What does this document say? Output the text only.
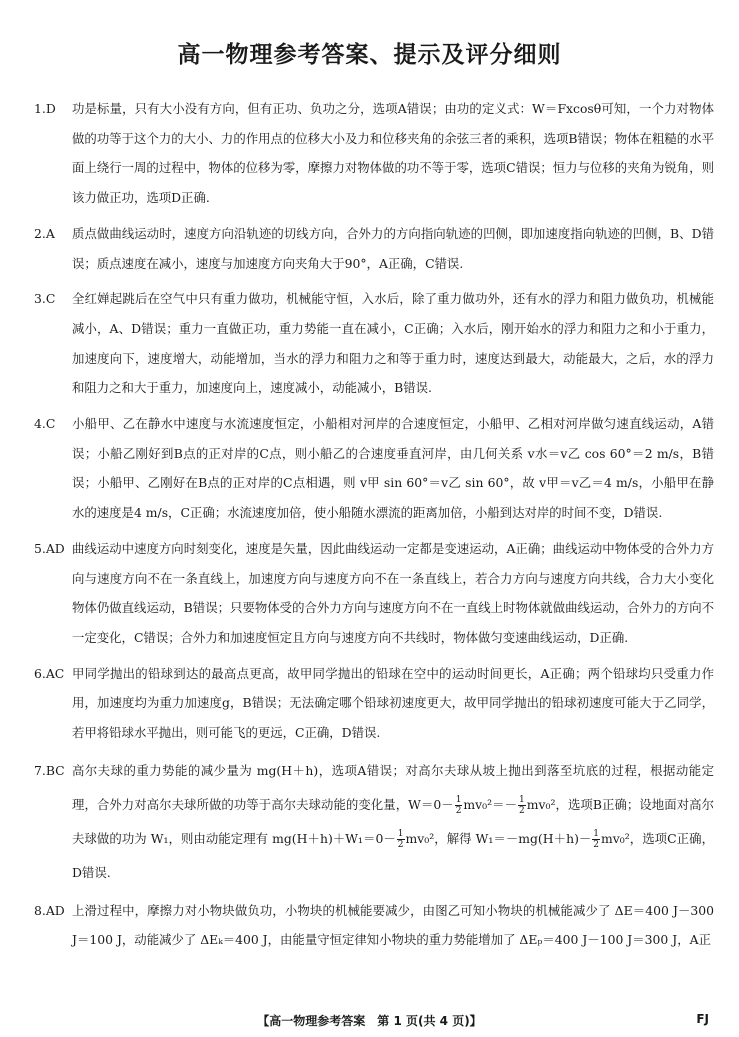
高一物理参考答案、提示及评分细则
1.D 功是标量，只有大小没有方向，但有正功、负功之分，选项A错误；由功的定义式：W＝Fxcosθ可知，一个力对物体做的功等于这个力的大小、力的作用点的位移大小及力和位移夹角的余弦三者的乘积，选项B错误；物体在粗糙的水平面上绕行一周的过程中，物体的位移为零，摩擦力对物体做的功不等于零，选项C错误；恒力与位移的夹角为锐角，则该力做正功，选项D正确.
2.A 质点做曲线运动时，速度方向沿轨迹的切线方向，合外力的方向指向轨迹的凹侧，即加速度指向轨迹的凹侧，B、D错误；质点速度在减小，速度与加速度方向夹角大于90°，A正确，C错误.
3.C 全红婵起跳后在空气中只有重力做功，机械能守恒，入水后，除了重力做功外，还有水的浮力和阻力做负功，机械能减小，A、D错误；重力一直做正功，重力势能一直在减小，C正确；入水后，刚开始水的浮力和阻力之和小于重力，加速度向下，速度增大，动能增加，当水的浮力和阻力之和等于重力时，速度达到最大，动能最大，之后，水的浮力和阻力之和大于重力，加速度向上，速度减小，动能减小，B错误.
4.C 小船甲、乙在静水中速度与水流速度恒定，小船相对河岸的合速度恒定，小船甲、乙相对河岸做匀速直线运动，A错误；小船乙刚好到B点的正对岸的C点，则小船乙的合速度垂直河岸，由几何关系 v水＝v乙 cos 60°＝2 m/s，B错误；小船甲、乙刚好在B点的正对岸的C点相遇，则 v甲 sin 60°＝v乙 sin 60°，故 v甲＝v乙＝4 m/s，小船甲在静水的速度是4 m/s，C正确；水流速度加倍，使小船随水漂流的距离加倍，小船到达对岸的时间不变，D错误.
5.AD 曲线运动中速度方向时刻变化，速度是矢量，因此曲线运动一定都是变速运动，A正确；曲线运动中物体受的合外力方向与速度方向不在一条直线上，加速度方向与速度方向不在一条直线上，若合力方向与速度方向共线，合力大小变化物体仍做直线运动，B错误；只要物体受的合外力方向与速度方向不在一直线上时物体就做曲线运动，合外力的方向不一定变化，C错误；合外力和加速度恒定且方向与速度方向不共线时，物体做匀变速曲线运动，D正确.
6.AC 甲同学抛出的铅球到达的最高点更高，故甲同学抛出的铅球在空中的运动时间更长，A正确；两个铅球均只受重力作用，加速度均为重力加速度g，B错误；无法确定哪个铅球初速度更大，故甲同学抛出的铅球初速度可能大于乙同学，若甲将铅球水平抛出，则可能飞的更远，C正确，D错误.
7.BC 高尔夫球的重力势能的减少量为 mg(H＋h)，选项A错误；对高尔夫球从坡上抛出到落至坑底的过程，根据动能定理，合外力对高尔夫球所做的功等于高尔夫球动能的变化量，$W=0- \frac{1}{2} mv_0^2=- \frac{1}{2} mv_0^2$，选项B正确；设地面对高尔夫球做的功为 W₁，则由动能定理有 $mg(H+h)+W_1=0- \frac{1}{2} mv_0^2$，解得 $W_1=-mg(H+h)- \frac{1}{2} mv_0^2$，选项C正确，D错误.
8.AD 上滑过程中，摩擦力对小物块做负功，小物块的机械能要减少，由图乙可知小物块的机械能减少了 ΔE＝400 J－300 J＝100 J，动能减少了 ΔEₖ＝400 J，由能量守恒定律知小物块的重力势能增加了 ΔEₚ＝400 J－100 J＝300 J，A正
【高一物理参考答案　第 1 页(共 4 页)】	FJ
